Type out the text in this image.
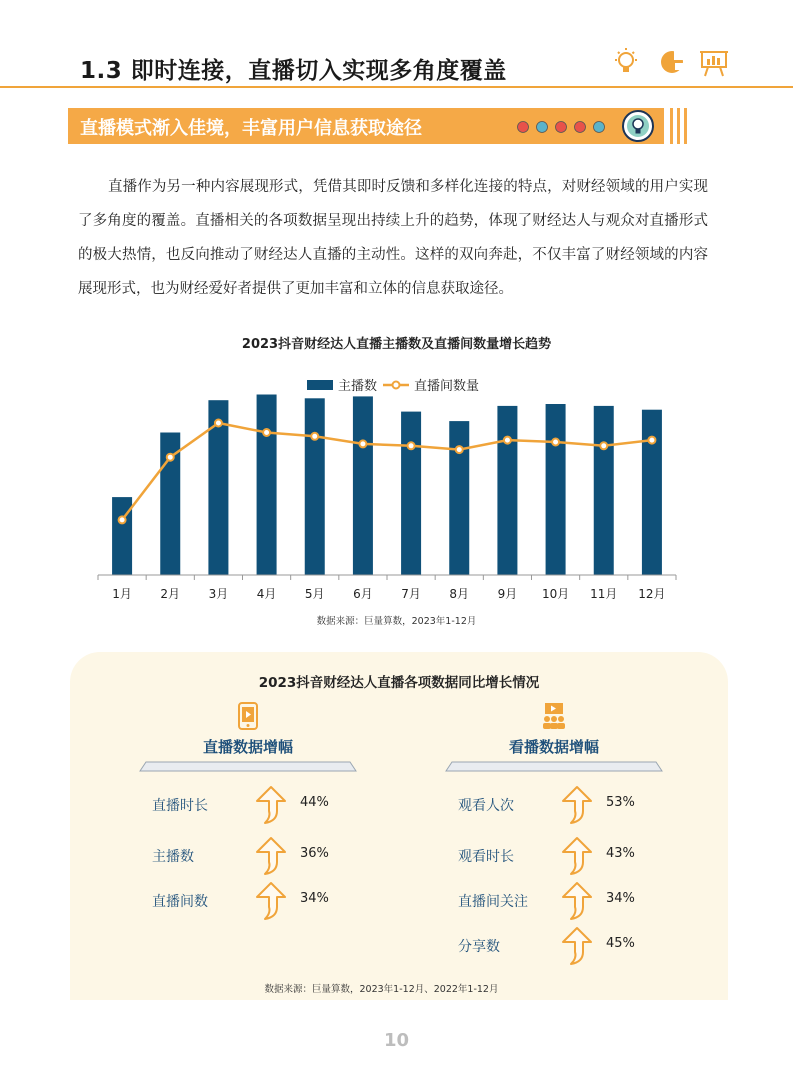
1.3 即时连接，直播切入实现多角度覆盖
直播模式渐入佳境，丰富用户信息获取途径
直播作为另一种内容展现形式，凭借其即时反馈和多样化连接的特点，对财经领域的用户实现了多角度的覆盖。直播相关的各项数据呈现出持续上升的趋势，体现了财经达人与观众对直播形式的极大热情，也反向推动了财经达人直播的主动性。这样的双向奔赴，不仅丰富了财经领域的内容展现形式，也为财经爱好者提供了更加丰富和立体的信息获取途径。
2023抖音财经达人直播主播数及直播间数量增长趋势
主播数	直播间数量
1月 2月 3月 4月 5月 6月 7月 8月 9月 10月 11月 12月
数据来源：巨量算数，2023年1-12月
2023抖音财经达人直播各项数据同比增长情况
直播数据增幅	看播数据增幅
直播时长	44%
主播数	36%
直播间数	34%
观看人次	53%
观看时长	43%
直播间关注	34%
分享数	45%
数据来源：巨量算数，2023年1-12月、2022年1-12月
10
